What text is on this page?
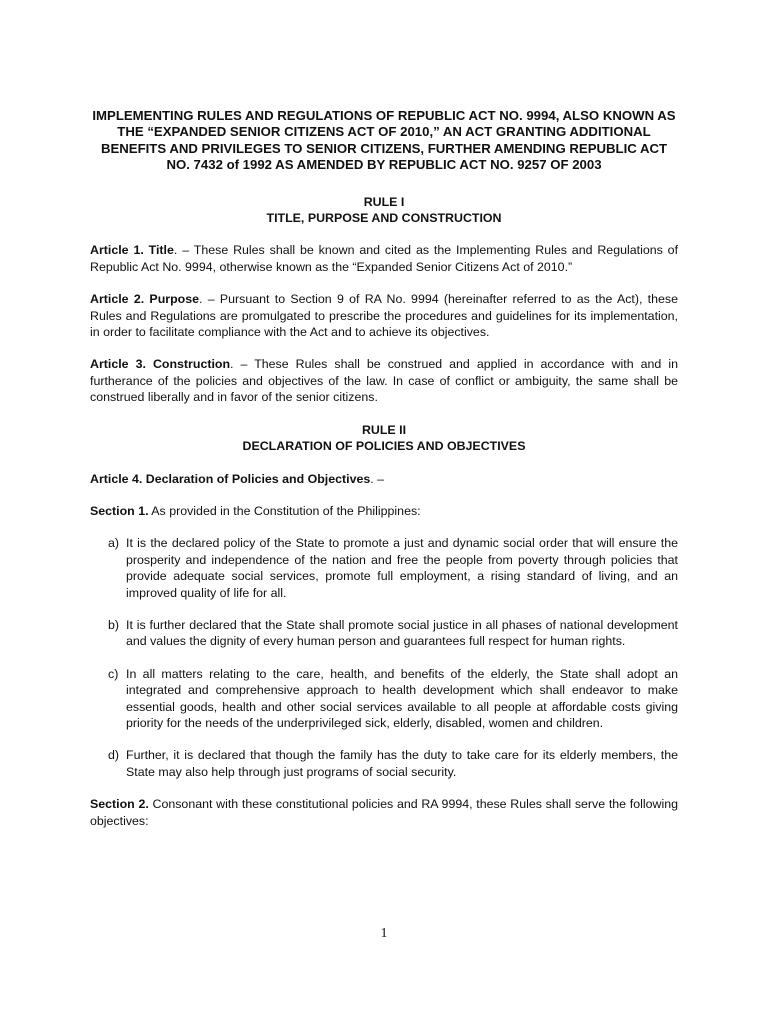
IMPLEMENTING RULES AND REGULATIONS OF REPUBLIC ACT NO. 9994, ALSO KNOWN AS THE “EXPANDED SENIOR CITIZENS ACT OF 2010,” AN ACT GRANTING ADDITIONAL BENEFITS AND PRIVILEGES TO SENIOR CITIZENS, FURTHER AMENDING REPUBLIC ACT NO. 7432 of 1992 AS AMENDED BY REPUBLIC ACT NO. 9257 OF 2003
RULE I
TITLE, PURPOSE AND CONSTRUCTION

Article 1. Title. – These Rules shall be known and cited as the Implementing Rules and Regulations of Republic Act No. 9994, otherwise known as the “Expanded Senior Citizens Act of 2010.”

Article 2. Purpose. – Pursuant to Section 9 of RA No. 9994 (hereinafter referred to as the Act), these Rules and Regulations are promulgated to prescribe the procedures and guidelines for its implementation, in order to facilitate compliance with the Act and to achieve its objectives.

Article 3. Construction. – These Rules shall be construed and applied in accordance with and in furtherance of the policies and objectives of the law. In case of conflict or ambiguity, the same shall be construed liberally and in favor of the senior citizens.

RULE II
DECLARATION OF POLICIES AND OBJECTIVES

Article 4. Declaration of Policies and Objectives. –

Section 1. As provided in the Constitution of the Philippines:

a) It is the declared policy of the State to promote a just and dynamic social order that will ensure the prosperity and independence of the nation and free the people from poverty through policies that provide adequate social services, promote full employment, a rising standard of living, and an improved quality of life for all.
b) It is further declared that the State shall promote social justice in all phases of national development and values the dignity of every human person and guarantees full respect for human rights.
c) In all matters relating to the care, health, and benefits of the elderly, the State shall adopt an integrated and comprehensive approach to health development which shall endeavor to make essential goods, health and other social services available to all people at affordable costs giving priority for the needs of the underprivileged sick, elderly, disabled, women and children.
d) Further, it is declared that though the family has the duty to take care for its elderly members, the State may also help through just programs of social security.

Section 2. Consonant with these constitutional policies and RA 9994, these Rules shall serve the following objectives:

1
